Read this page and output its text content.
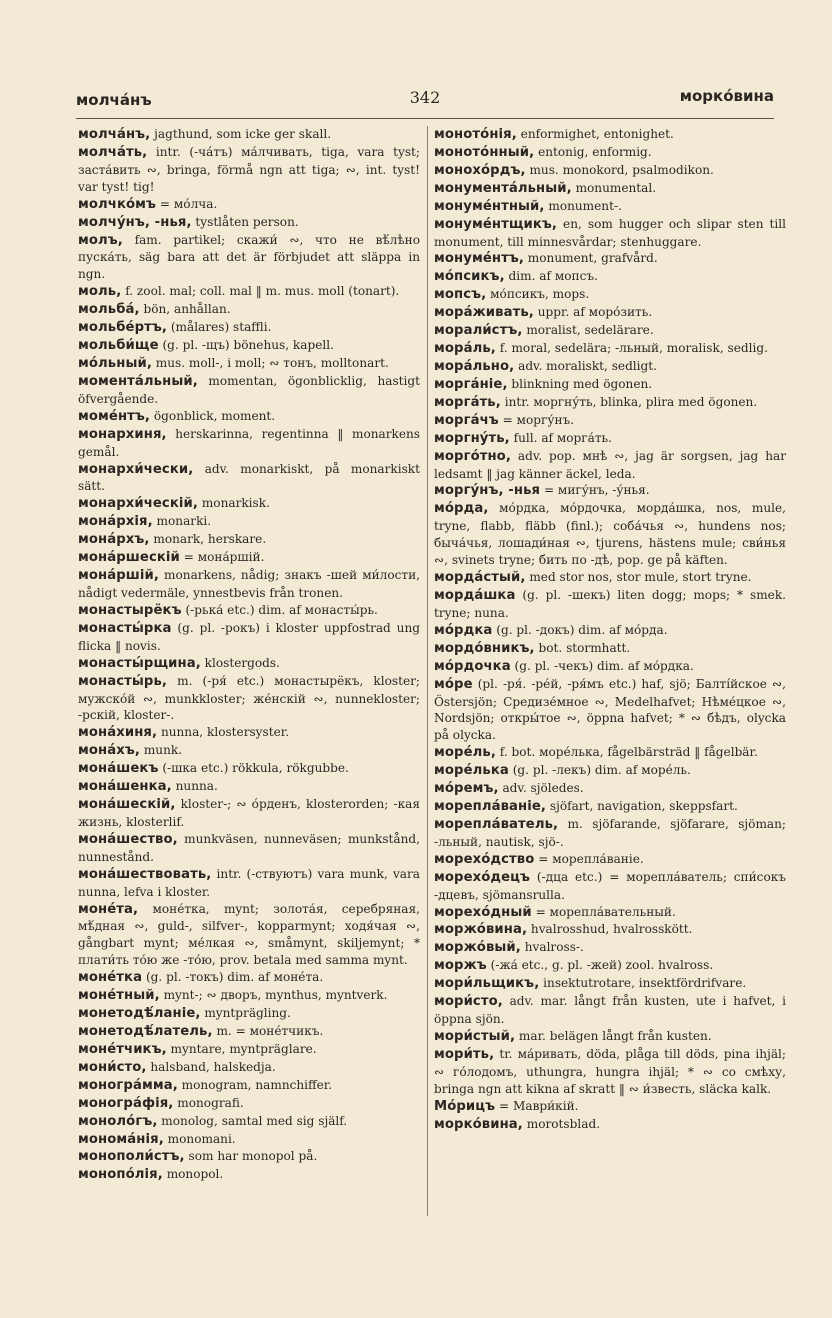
молча́нъ	342	морко́вина

молча́нъ, jagthund, som icke ger skall.

молча́ть, intr. (-ча́тъ) ма́лчивать, tiga, vara tyst; заста́вить ∾, bringa, förmå ngn att tiga; ∾, int. tyst! var tyst! tig!

молчко́мъ = мо́лча.

молчу́нъ, -нья, tystlåten person.

молъ, fam. partikel; скажи́ ∾, что не вѣ́лѣно пуска́ть, säg bara att det är förbjudet att släppa in ngn.

моль, f. zool. mal; coll. mal ‖ m. mus. moll (tonart).

мольба́, bön, anhållan.

мольбе́ртъ, (målares) staffli.

мольби́ще (g. pl. -щъ) bönehus, kapell.

мо́льный, mus. moll-, i moll; ∾ тонъ, molltonart.

моментáльный, momentan, ögonblicklig, hastigt öfvergående.

моме́нтъ, ögonblick, moment.

монархиня, herskarinna, regentinna ‖ monarkens gemål.

монархи́чески, adv. monarkiskt, på monarkiskt sätt.

монархи́ческій, monarkisk.

мона́рхія, monarki.

мона́рхъ, monark, herskare.

мона́ршескій = мона́ршій.

мона́ршій, monarkens, nådig; знакъ -шей ми́лости, nådigt vedermäle, ynnestbevis från tronen.

монастырёкъ (-рька́ etc.) dim. af монасты́рь.

монасты́рка (g. pl. -рокъ) i kloster uppfostrad ung flicka ‖ novis.

монасты́рщина, klostergods.

монасты́рь, m. (-ря́ etc.) монастырёкъ, kloster; мужско́й ∾, munkkloster; же́нскій ∾, nunnekloster; -рскій, kloster-.

мона́хиня, nunna, klostersyster.

мона́хъ, munk.

мона́шекъ (-шка etc.) rökkula, rökgubbe.

мона́шенка, nunna.

мона́шескій, kloster-; ∾ о́рденъ, klosterorden; -кая жизнь, klosterlif.

мона́шество, munkväsen, nunneväsen; munkstånd, nunnestånd.

мона́шествовать, intr. (-ствуютъ) vara munk, vara nunna, lefva i kloster.

моне́та, моне́тка, mynt; золота́я, серебряная, мѣ́дная ∾, guld-, silfver-, kopparmynt; ходя́чая ∾, gångbart mynt; ме́лкая ∾, småmynt, skiljemynt; * плати́ть то́ю же -то́ю, prov. betala med samma mynt.

моне́тка (g. pl. -токъ) dim. af моне́та.

моне́тный, mynt-; ∾ дворъ, mynthus, myntverk.

монетодѣ́ланіе, myntprägling.

монетодѣ́латель, m. = моне́тчикъ.

моне́тчикъ, myntare, myntpräglare.

мони́сто, halsband, halskedja.

моногра́мма, monogram, namnchiffer.

моногра́фія, monografi.

моноло́гъ, monolog, samtal med sig själf.

мономáнія, monomani.

монополи́стъ, som har monopol på.

монопо́лія, monopol.

моното́нія, enformighet, entonighet.

моното́нный, entonig, enformig.

монохо́рдъ, mus. monokord, psalmodikon.

монумента́льный, monumental.

монуме́нтный, monument-.

монуме́нтщикъ, en, som hugger och slipar sten till monument, till minnesvårdar; stenhuggare.

монуме́нтъ, monument, grafvård.

мо́псикъ, dim. af мопсъ.

мопсъ, мо́псикъ, mops.

мора́живать, uppr. af моро́зить.

морали́стъ, moralist, sedelärare.

мора́ль, f. moral, sedelära; -льный, moralisk, sedlig.

мора́льно, adv. moraliskt, sedligt.

морга́ніе, blinkning med ögonen.

морга́ть, intr. моргну́ть, blinka, plira med ögonen.

морга́чъ = моргу́нъ.

моргну́ть, full. af морга́ть.

морго́тно, adv. pop. мнѣ ∾, jag är sorgsen, jag har ledsamt ‖ jag känner äckel, leda.

моргу́нъ, -нья = мигу́нъ, -у́нья.

мо́рда, мо́рдка, мо́рдочка, морда́шка, nos, mule, tryne, flabb, fläbb (finl.); соба́чья ∾, hundens nos; быча́чья, лошади́ная ∾, tjurens, hästens mule; сви́нья ∾, svinets tryne; бить по -дѣ, pop. ge på käften.

морда́стый, med stor nos, stor mule, stort tryne.

морда́шка (g. pl. -шекъ) liten dogg; mops; * smek. tryne; nuna.

мо́рдка (g. pl. -докъ) dim. af мо́рда.

мордо́вникъ, bot. stormhatt.

мо́рдочка (g. pl. -чекъ) dim. af мо́рдка.

мо́ре (pl. -ря́. -ре́й, -ря́мъ etc.) haf, sjö; Балті́йское ∾, Östersjön; Средизе́мное ∾, Medelhafvet; Нѣме́цкое ∾, Nordsjön; откры́тое ∾, öppna hafvet; * ∾ бѣдъ, olycka på olycka.

море́ль, f. bot. море́лька, fågelbärsträd ‖ fågelbär.

море́лька (g. pl. -лекъ) dim. af море́ль.

мо́ремъ, adv. sjöledes.

морепла́ваніе, sjöfart, navigation, skeppsfart.

морепла́ватель, m. sjöfarande, sjöfarare, sjöman; -льный, nautisk, sjö-.

морехо́дство = морепла́ваніе.

морехо́децъ (-дца etc.) = морепла́ватель; спи́сокъ -дцевъ, sjömansrulla.

морехо́дный = морепла́вательный.

моржо́вина, hvalrosshud, hvalrosskött.

моржо́вый, hvalross-.

моржъ (-жа́ etc., g. pl. -жей) zool. hvalross.

мори́льщикъ, insektutrotare, insektfördrifvare.

мори́сто, adv. mar. långt från kusten, ute i hafvet, i öppna sjön.

мори́стый, mar. belägen långt från kusten.

мори́ть, tr. ма́ривать, döda, plåga till döds, pina ihjäl; ∾ го́лодомъ, uthungra, hungra ihjäl; * ∾ со смѣху, bringa ngn att kikna af skratt ‖ ∾ и́звесть, släcka kalk.

Мо́рицъ = Маври́кій.

морко́вина, morotsblad.
